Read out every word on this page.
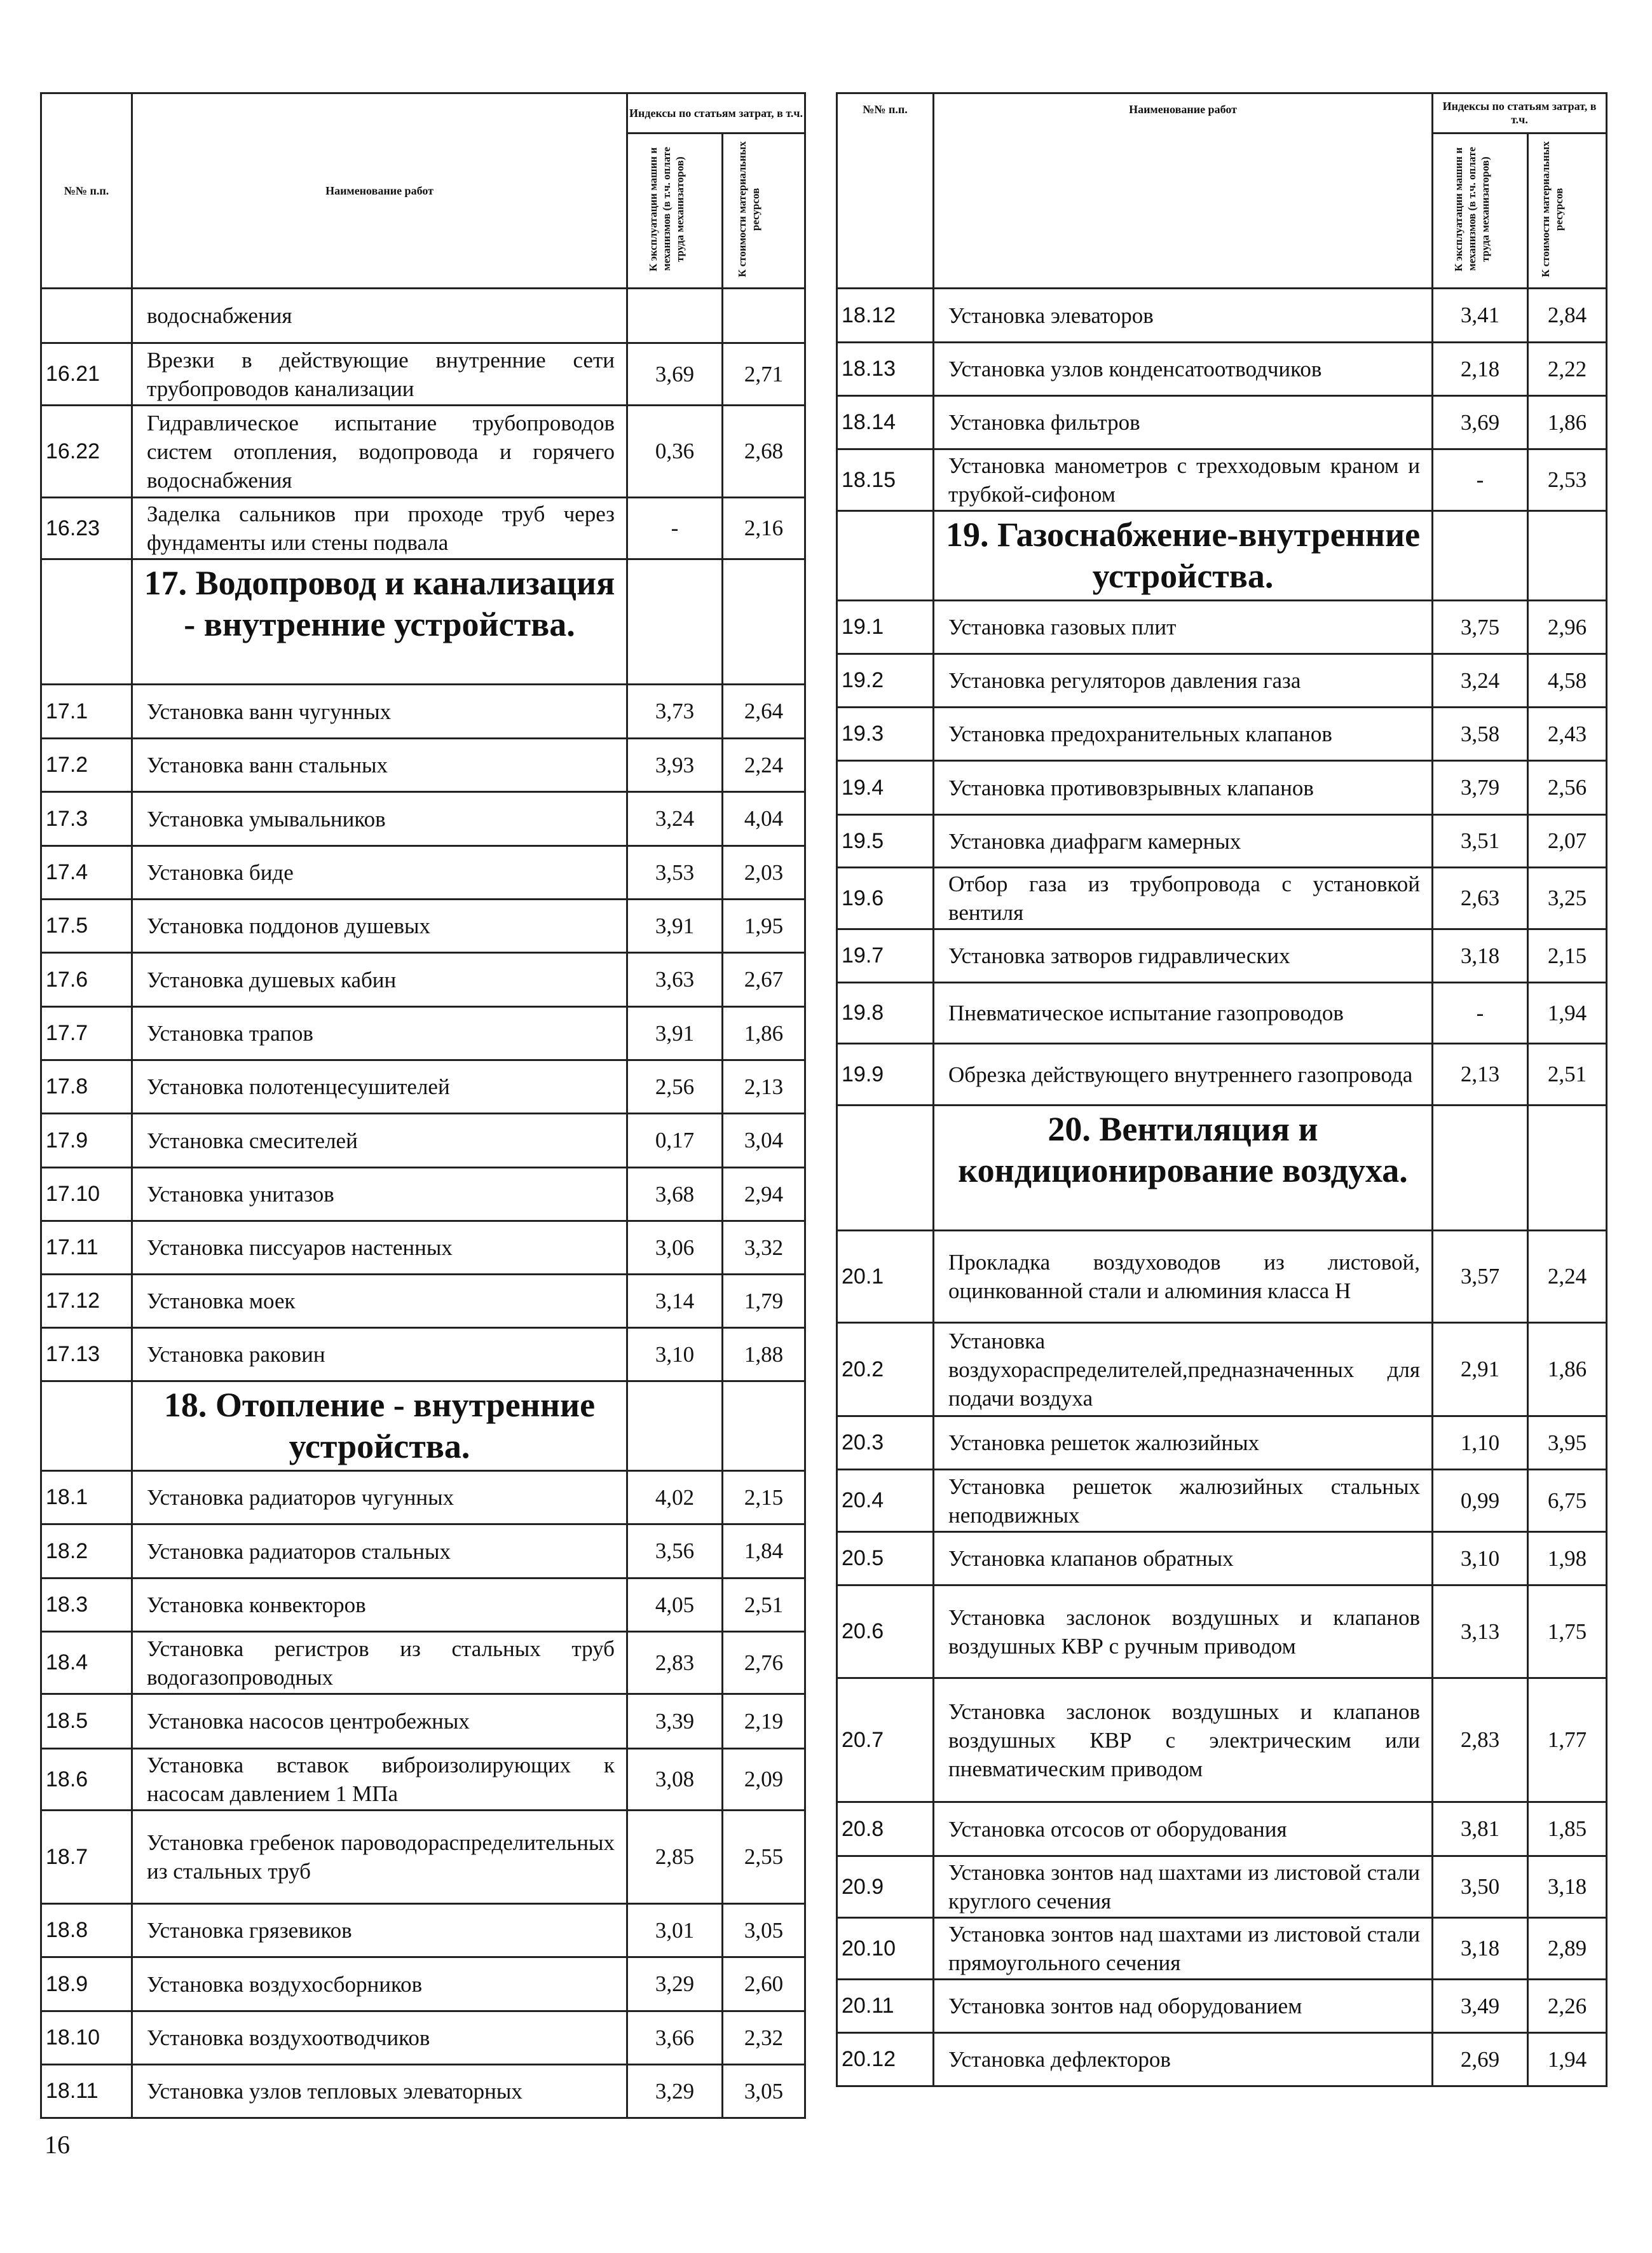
№№ п.п.	Наименование работ	Индексы по статьям затрат, в т.ч.	
		К эксплуатации машин и механизмов (в т.ч. оплате труда механизаторов)	К стоимости материальных ресурсов
	водоснабжения		
16.21	Врезки в действующие внутренние сети трубопроводов канализации	3,69	2,71
16.22	Гидравлическое испытание трубопроводов систем отопления, водопровода и горячего водоснабжения	0,36	2,68
16.23	Заделка сальников при проходе труб через фундаменты или стены подвала	-	2,16
	17. Водопровод и канализация - внутренние устройства.		
17.1	Установка ванн чугунных	3,73	2,64
17.2	Установка ванн стальных	3,93	2,24
17.3	Установка умывальников	3,24	4,04
17.4	Установка биде	3,53	2,03
17.5	Установка поддонов душевых	3,91	1,95
17.6	Установка душевых кабин	3,63	2,67
17.7	Установка трапов	3,91	1,86
17.8	Установка полотенцесушителей	2,56	2,13
17.9	Установка смесителей	0,17	3,04
17.10	Установка унитазов	3,68	2,94
17.11	Установка писсуаров настенных	3,06	3,32
17.12	Установка моек	3,14	1,79
17.13	Установка раковин	3,10	1,88
	18. Отопление - внутренние устройства.		
18.1	Установка радиаторов чугунных	4,02	2,15
18.2	Установка радиаторов стальных	3,56	1,84
18.3	Установка конвекторов	4,05	2,51
18.4	Установка регистров из стальных труб водогазопроводных	2,83	2,76
18.5	Установка насосов центробежных	3,39	2,19
18.6	Установка вставок виброизолирующих к насосам давлением 1 МПа	3,08	2,09
18.7	Установка гребенок пароводораспределительных из стальных труб	2,85	2,55
18.8	Установка грязевиков	3,01	3,05
18.9	Установка воздухосборников	3,29	2,60
18.10	Установка воздухоотводчиков	3,66	2,32
18.11	Установка узлов тепловых элеваторных	3,29	3,05
№№ п.п.	Наименование работ	Индексы по статьям затрат, в т.ч.	
		К эксплуатации машин и механизмов (в т.ч. оплате труда механизаторов)	К стоимости материальных ресурсов
18.12	Установка элеваторов	3,41	2,84
18.13	Установка узлов конденсатоотводчиков	2,18	2,22
18.14	Установка фильтров	3,69	1,86
18.15	Установка манометров с трехходовым краном и трубкой-сифоном	-	2,53
	19. Газоснабжение-внутренние устройства.		
19.1	Установка газовых плит	3,75	2,96
19.2	Установка регуляторов давления газа	3,24	4,58
19.3	Установка предохранительных клапанов	3,58	2,43
19.4	Установка противовзрывных клапанов	3,79	2,56
19.5	Установка диафрагм камерных	3,51	2,07
19.6	Отбор газа из трубопровода с установкой вентиля	2,63	3,25
19.7	Установка затворов гидравлических	3,18	2,15
19.8	Пневматическое испытание газопроводов	-	1,94
19.9	Обрезка действующего внутреннего газопровода	2,13	2,51
	20. Вентиляция и кондиционирование воздуха.		
20.1	Прокладка воздуховодов из листовой, оцинкованной стали и алюминия класса Н	3,57	2,24
20.2	Установка воздухораспределителей,предназначенных для подачи воздуха	2,91	1,86
20.3	Установка решеток жалюзийных	1,10	3,95
20.4	Установка решеток жалюзийных стальных неподвижных	0,99	6,75
20.5	Установка клапанов обратных	3,10	1,98
20.6	Установка заслонок воздушных и клапанов воздушных КВР с ручным приводом	3,13	1,75
20.7	Установка заслонок воздушных и клапанов воздушных КВР с электрическим или пневматическим приводом	2,83	1,77
20.8	Установка отсосов от оборудования	3,81	1,85
20.9	Установка зонтов над шахтами из листовой стали круглого сечения	3,50	3,18
20.10	Установка зонтов над шахтами из листовой стали прямоугольного сечения	3,18	2,89
20.11	Установка зонтов над оборудованием	3,49	2,26
20.12	Установка дефлекторов	2,69	1,94
16
